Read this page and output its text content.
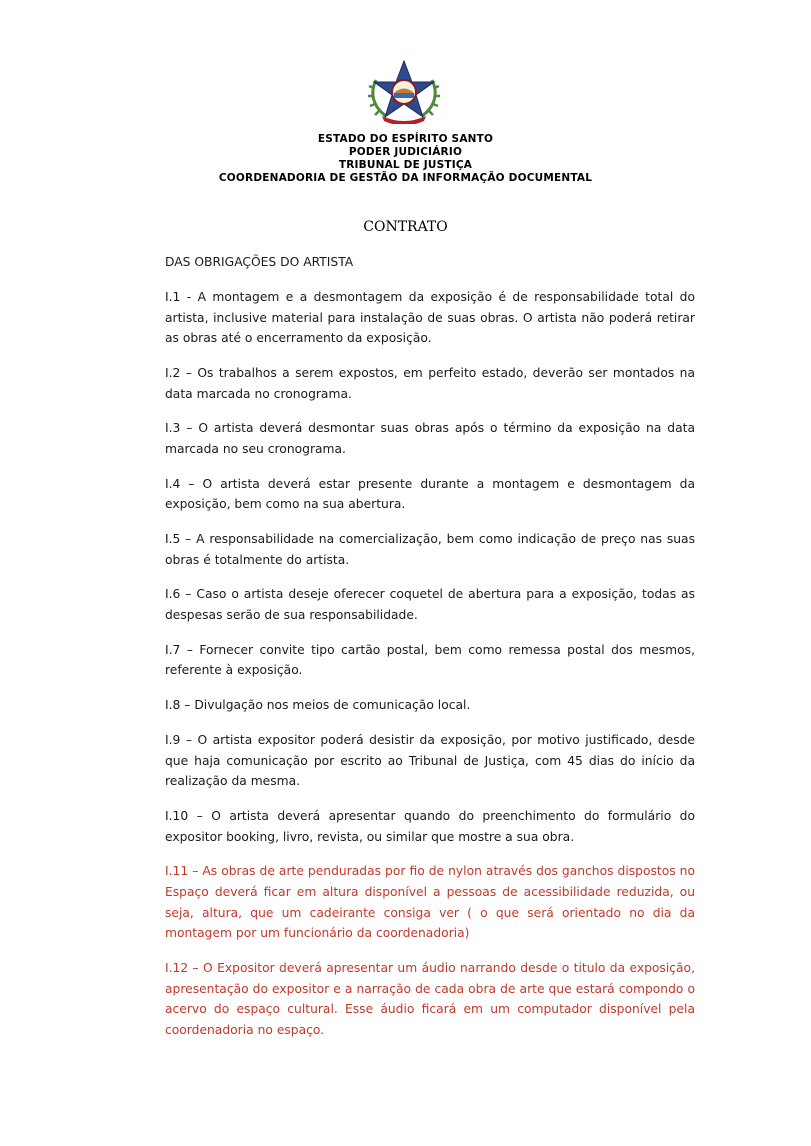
ESTADO DO ESPÍRITO SANTO
PODER JUDICIÁRIO
TRIBUNAL DE JUSTIÇA
COORDENADORIA DE GESTÃO DA INFORMAÇÃO DOCUMENTAL
CONTRATO
DAS OBRIGAÇÕES DO ARTISTA

I.1 - A montagem e a desmontagem da exposição é de responsabilidade total do artista, inclusive material para instalação de suas obras. O artista não poderá retirar as obras até o encerramento da exposição.

I.2 – Os trabalhos a serem expostos, em perfeito estado, deverão ser montados na data marcada no cronograma.

I.3 – O artista deverá desmontar suas obras após o término da exposição na data marcada no seu cronograma.

I.4 – O artista deverá estar presente durante a montagem e desmontagem da exposição, bem como na sua abertura.

I.5 – A responsabilidade na comercialização, bem como indicação de preço nas suas obras é totalmente do artista.

I.6 – Caso o artista deseje oferecer coquetel de abertura para a exposição, todas as despesas serão de sua responsabilidade.

I.7 – Fornecer convite tipo cartão postal, bem como remessa postal dos mesmos, referente à exposição.

I.8 – Divulgação nos meios de comunicação local.

I.9 – O artista expositor poderá desistir da exposição, por motivo justificado, desde que haja comunicação por escrito ao Tribunal de Justiça, com 45 dias do início da realização da mesma.

I.10 – O artista deverá apresentar quando do preenchimento do formulário do expositor booking, livro, revista, ou similar que mostre a sua obra.

I.11 – As obras de arte penduradas por fio de nylon através dos ganchos dispostos no Espaço deverá ficar em altura disponível a pessoas de acessibilidade reduzida, ou seja, altura, que um cadeirante consiga ver ( o que será orientado no dia da montagem por um funcionário da coordenadoria)

I.12 – O Expositor deverá apresentar um áudio narrando desde o titulo da exposição, apresentação do expositor e a narração de cada obra de arte que estará compondo o acervo do espaço cultural. Esse áudio ficará em um computador disponível pela coordenadoria no espaço.
